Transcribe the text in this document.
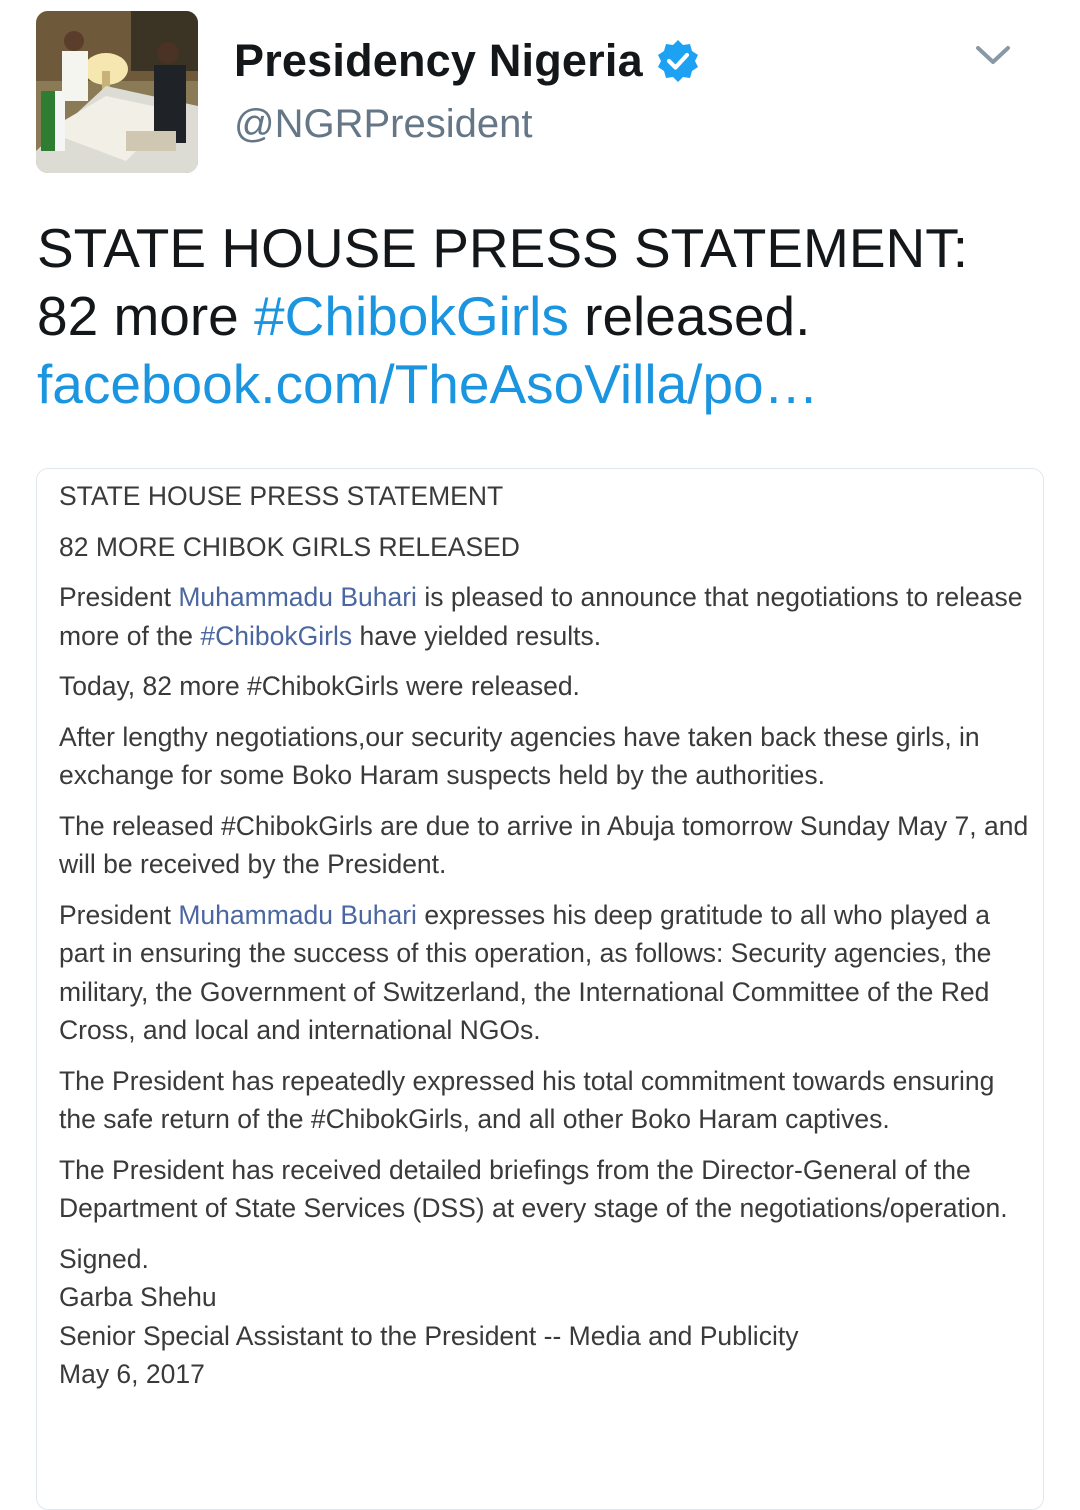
Presidency Nigeria
@NGRPresident
STATE HOUSE PRESS STATEMENT:
82 more #ChibokGirls released.
facebook.com/TheAsoVilla/po…

STATE HOUSE PRESS STATEMENT

82 MORE CHIBOK GIRLS RELEASED

President Muhammadu Buhari is pleased to announce that negotiations to release more of the #ChibokGirls have yielded results.

Today, 82 more #ChibokGirls were released.

After lengthy negotiations,our security agencies have taken back these girls, in exchange for some Boko Haram suspects held by the authorities.

The released #ChibokGirls are due to arrive in Abuja tomorrow Sunday May 7, and will be received by the President.

President Muhammadu Buhari expresses his deep gratitude to all who played a part in ensuring the success of this operation, as follows: Security agencies, the military, the Government of Switzerland, the International Committee of the Red Cross, and local and international NGOs.

The President has repeatedly expressed his total commitment towards ensuring the safe return of the #ChibokGirls, and all other Boko Haram captives.

The President has received detailed briefings from the Director-General of the Department of State Services (DSS) at every stage of the negotiations/operation.

Signed.
Garba Shehu
Senior Special Assistant to the President -- Media and Publicity
May 6, 2017
